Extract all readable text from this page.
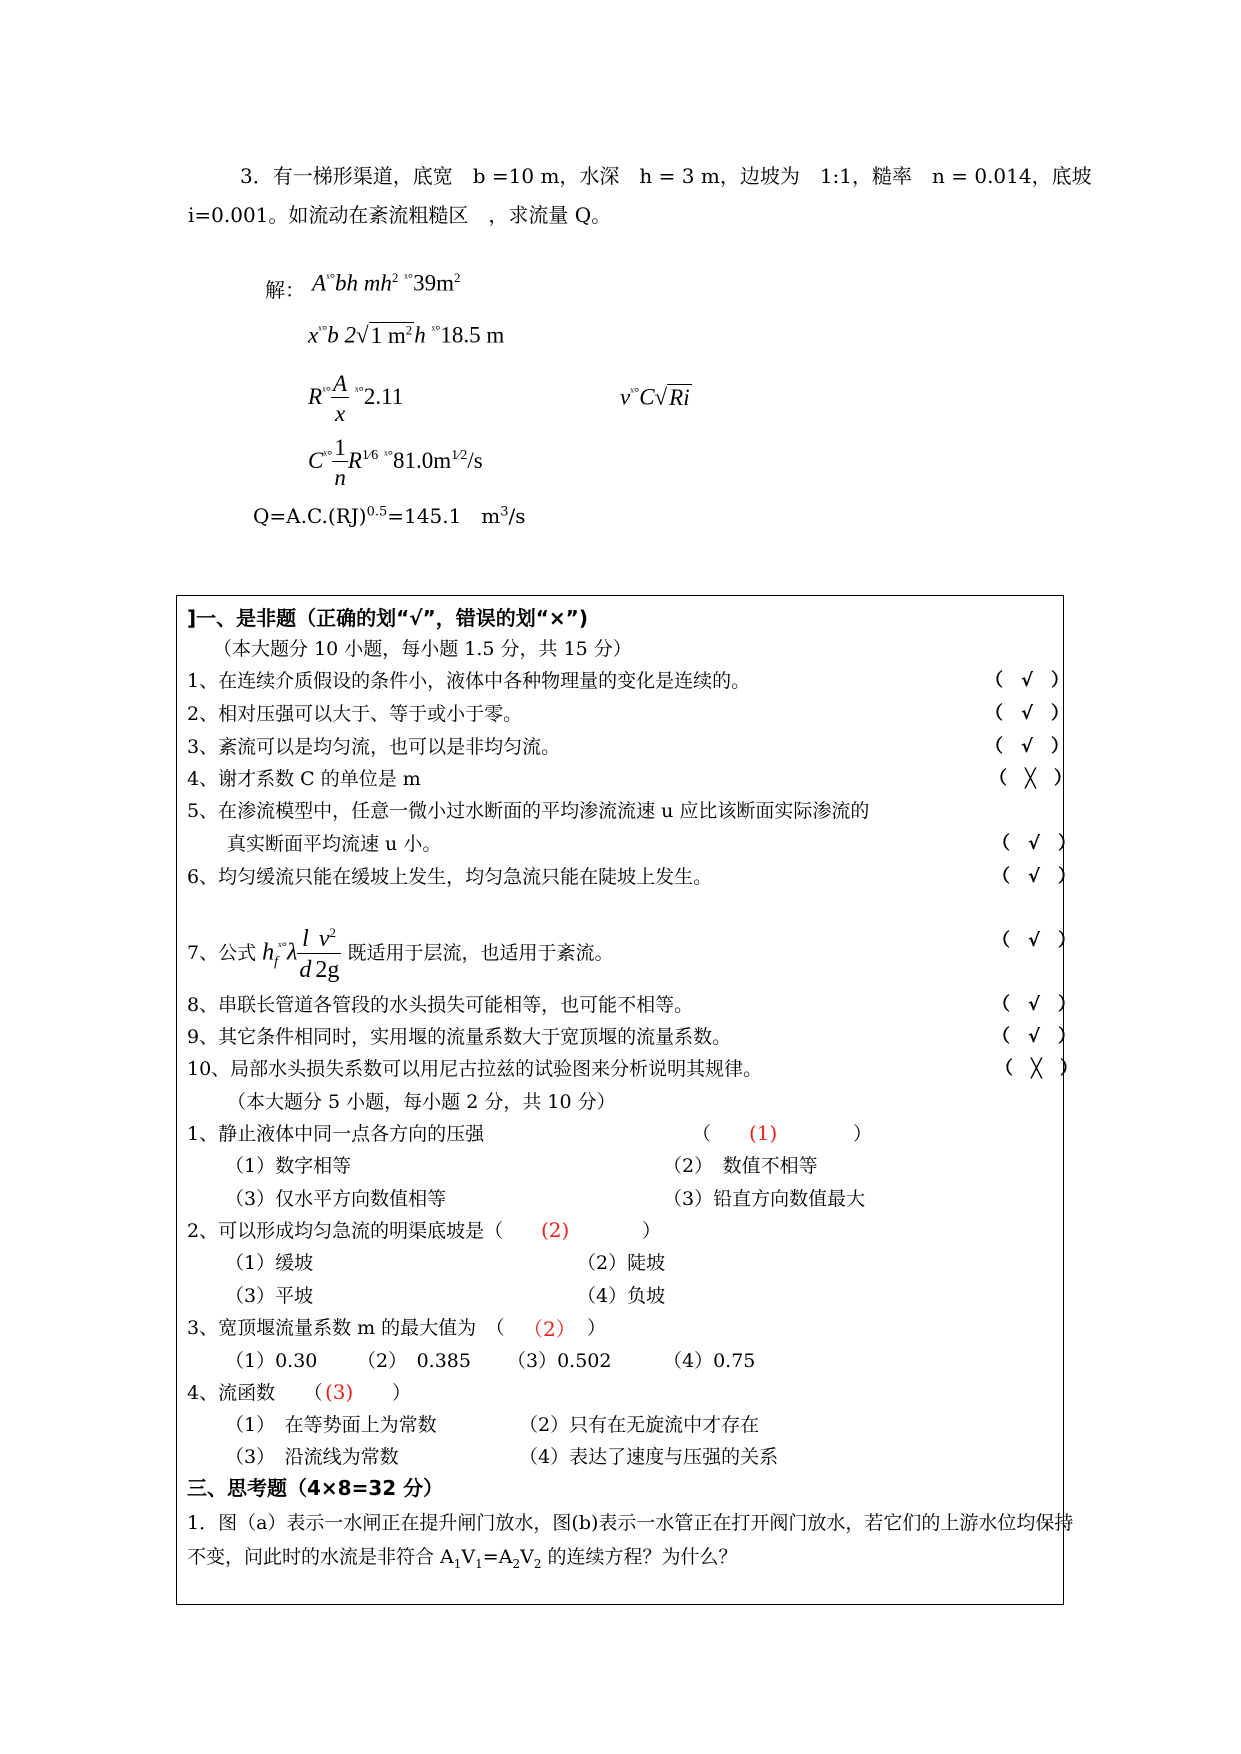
3．有一梯形渠道，底宽　b =10 m，水深　h = 3 m，边坡为　1:1，糙率　n = 0.014，底坡
i=0.001。如流动在紊流粗糙区　，求流量 Q。
解： $A^{ˣ^\circ}bh$ $mh^2$ $^{ˣ^\circ}39m^2$
$x^{ˣ^\circ}b$ 2√1 $m^2h$ $^{ˣ^\circ}$18.5 m
$R^{ˣ^\circ} \frac{A}{x} ^{ˣ^\circ}2.11$	$v^{ˣ^\circ}C√Ri$
$C^{ˣ^\circ} \frac{1}{n} R^{1⁄6}$ $^{ˣ^\circ}81.0m^{1⁄2}/s$
Q=A.C.(RJ)$^{0.5}$=145.1　$m^3/s$
]一、是非题（正确的划“√”，错误的划“×”)
（本大题分 10 小题，每小题 1.5 分，共 15 分）
1、在连续介质假设的条件小，液体中各种物理量的变化是连续的。	（　√　）
2、相对压强可以大于、等于或小于零。	（　√　）
3、紊流可以是均匀流，也可以是非均匀流。	（　√　）
4、谢才系数 C 的单位是 m	（　╳　）
5、在渗流模型中，任意一微小过水断面的平均渗流流速 u 应比该断面实际渗流的
真实断面平均流速 u 小。	（　√　）
6、均匀缓流只能在缓坡上发生，均匀急流只能在陡坡上发生。	（　√　）
7、公式 $h_f^{ˣ^\circ}\lambda \frac{l}{d} \frac{v^2}{2g}$ 既适用于层流，也适用于紊流。
（　√　）
8、串联长管道各管段的水头损失可能相等，也可能不相等。	（　√　）
9、其它条件相同时，实用堰的流量系数大于宽顶堰的流量系数。	（　√　）
10、局部水头损失系数可以用尼古拉兹的试验图来分析说明其规律。	（　╳　）
（本大题分 5 小题，每小题 2 分，共 10 分）
1、静止液体中同一点各方向的压强	（ (1)	）
（1）数字相等	（2）　数值不相等
（3）仅水平方向数值相等	（3）铅直方向数值最大
2、可以形成均匀急流的明渠底坡是（ (2)	）
（1）缓坡	（2）陡坡
（3）平坡	（4）负坡
3、宽顶堰流量系数 m 的最大值为　（ （2） ）
（1）0.30 （2）　0.385 （3）0.502	（4）0.75
4、流函数　　（ (3) ）
（1）　在等势面上为常数	（2）只有在无旋流中才存在
（3）　沿流线为常数	（4）表达了速度与压强的关系
三、思考题（4×8=32 分）
1．图（a）表示一水闸正在提升闸门放水，图(b)表示一水管正在打开阀门放水，若它们的上游水位均保持
不变，问此时的水流是非符合 $A_1V_1=A_2V_2$ 的连续方程？为什么？
